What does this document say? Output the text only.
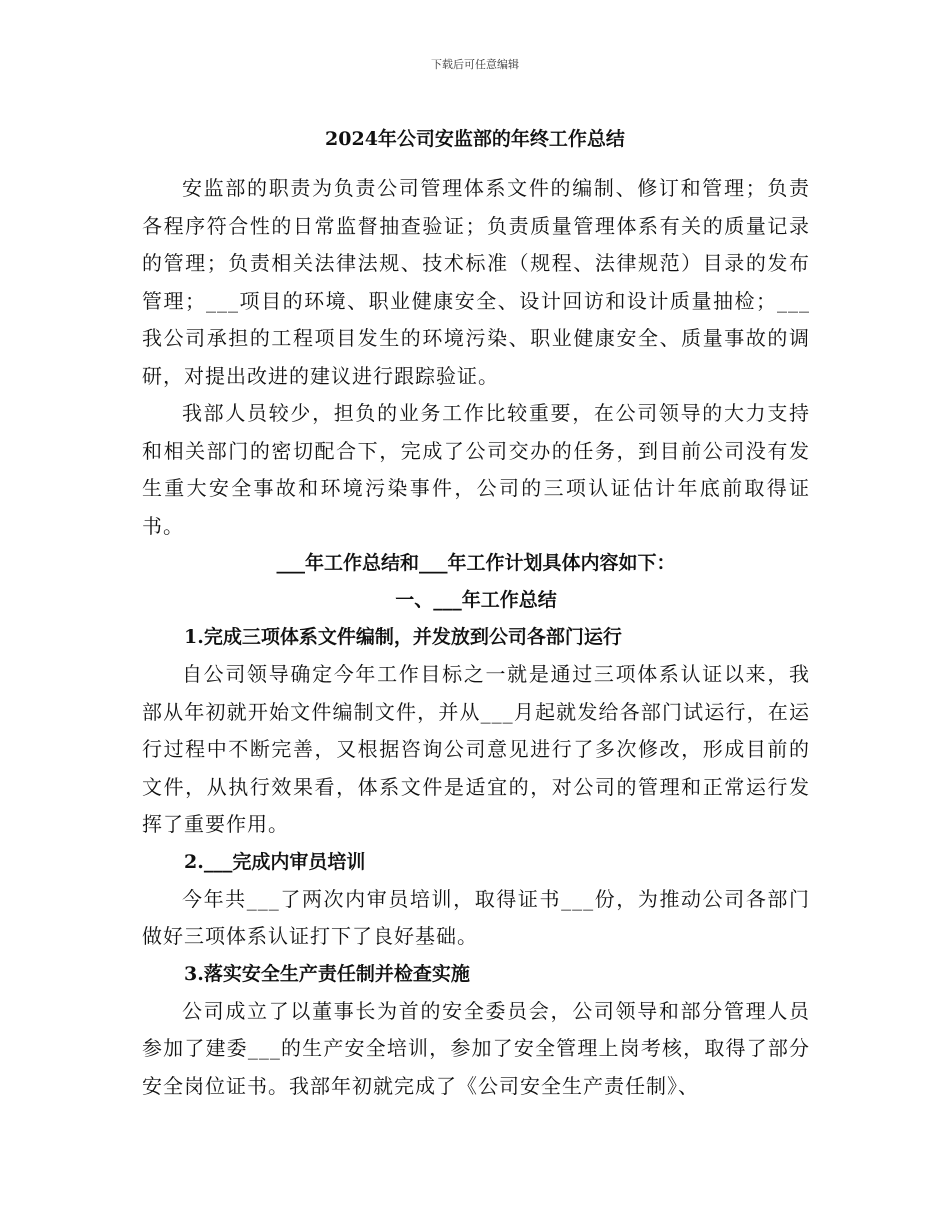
下载后可任意编辑
2024年公司安监部的年终工作总结

安监部的职责为负责公司管理体系文件的编制、修订和管理；负责各程序符合性的日常监督抽查验证；负责质量管理体系有关的质量记录的管理；负责相关法律法规、技术标准（规程、法律规范）目录的发布管理；___项目的环境、职业健康安全、设计回访和设计质量抽检；___我公司承担的工程项目发生的环境污染、职业健康安全、质量事故的调研，对提出改进的建议进行跟踪验证。

我部人员较少，担负的业务工作比较重要，在公司领导的大力支持和相关部门的密切配合下，完成了公司交办的任务，到目前公司没有发生重大安全事故和环境污染事件，公司的三项认证估计年底前取得证书。

___年工作总结和___年工作计划具体内容如下：

一、___年工作总结

1.完成三项体系文件编制，并发放到公司各部门运行

自公司领导确定今年工作目标之一就是通过三项体系认证以来，我部从年初就开始文件编制文件，并从___月起就发给各部门试运行，在运行过程中不断完善，又根据咨询公司意见进行了多次修改，形成目前的文件，从执行效果看，体系文件是适宜的，对公司的管理和正常运行发挥了重要作用。

2.___完成内审员培训

今年共___了两次内审员培训，取得证书___份，为推动公司各部门做好三项体系认证打下了良好基础。

3.落实安全生产责任制并检查实施

公司成立了以董事长为首的安全委员会，公司领导和部分管理人员参加了建委___的生产安全培训，参加了安全管理上岗考核，取得了部分安全岗位证书。我部年初就完成了《公司安全生产责任制》、
